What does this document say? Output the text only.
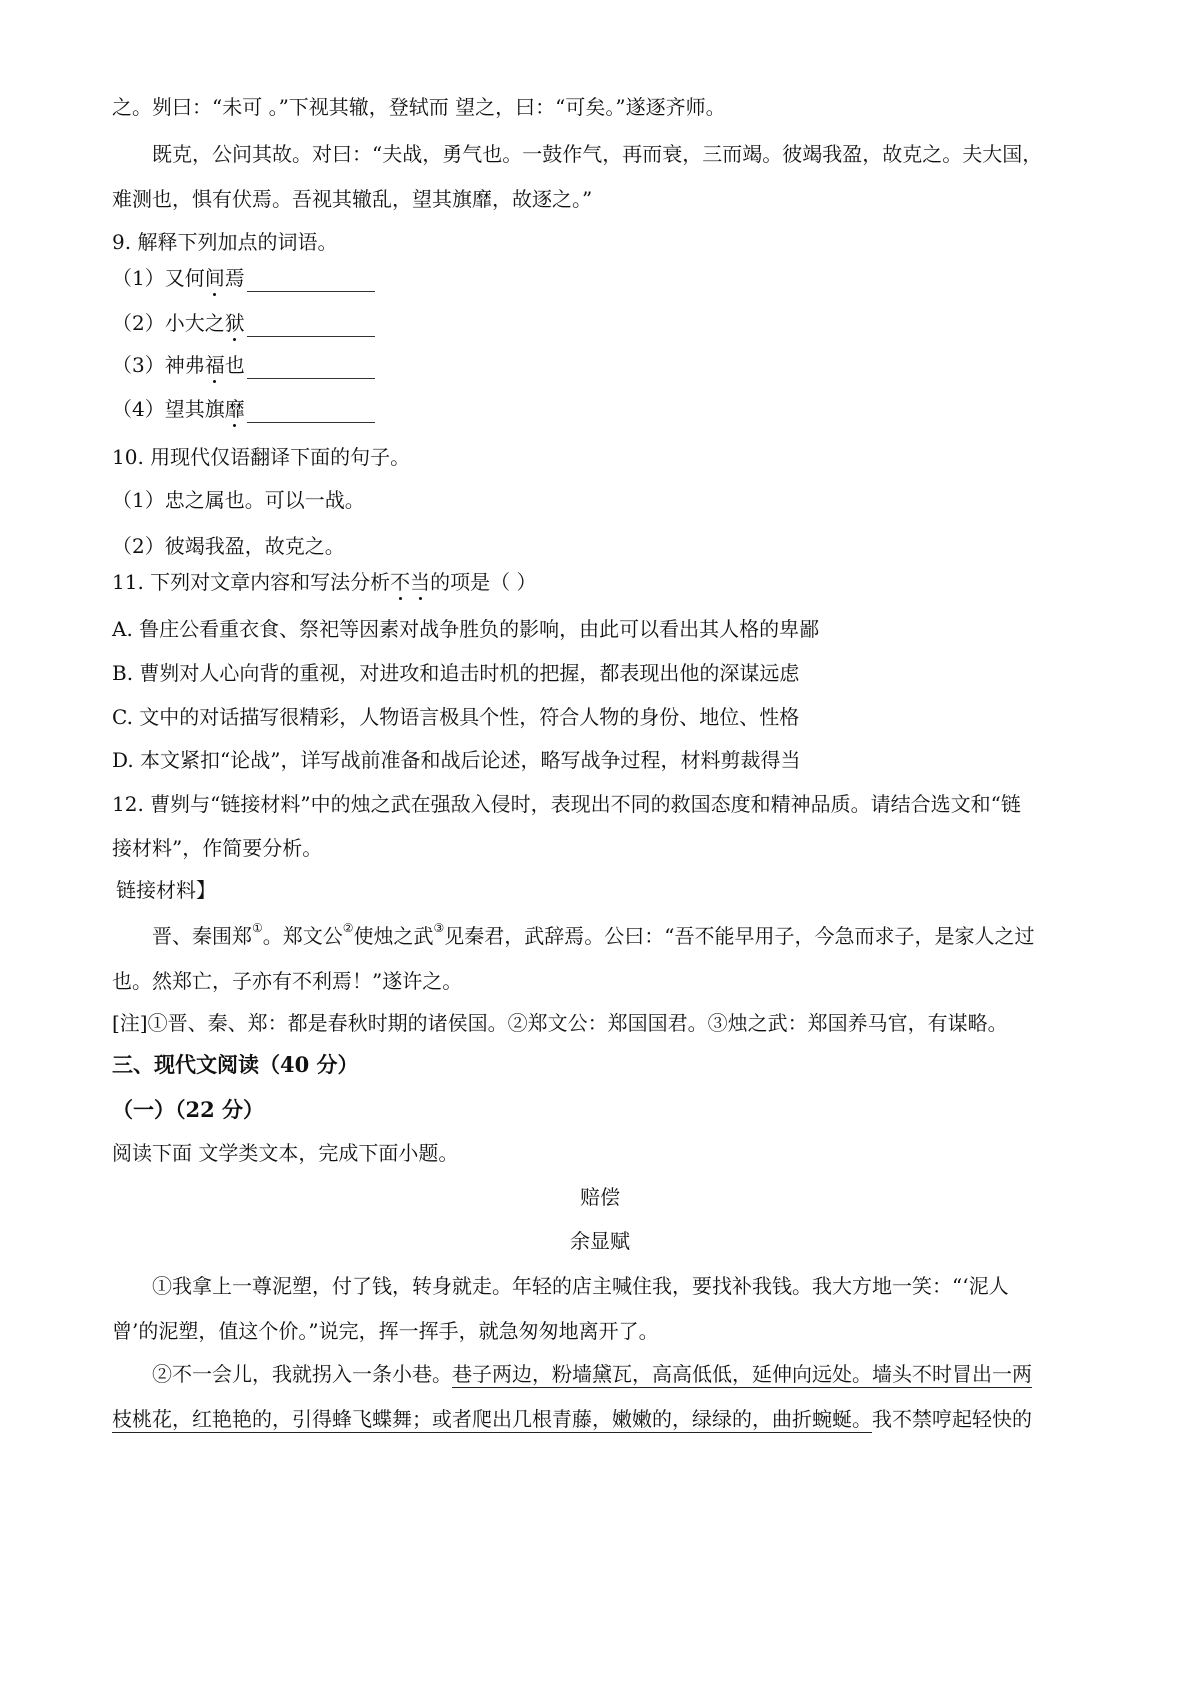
之。刿曰：“未可 。”下视其辙，登轼而 望之，曰：“可矣。”遂逐齐师。
既克，公问其故。对曰：“夫战，勇气也。一鼓作气，再而衰，三而竭。彼竭我盈，故克之。夫大国，
难测也，惧有伏焉。吾视其辙乱，望其旗靡，故逐之。”
9. 解释下列加点的词语。
（1）又何间焉
（2）小大之狱
（3）神弗福也
（4）望其旗靡
10. 用现代仅语翻译下面的句子。
（1）忠之属也。可以一战。
（2）彼竭我盈，故克之。
11. 下列对文章内容和写法分析不当的项是（ ）
A. 鲁庄公看重衣食、祭祀等因素对战争胜负的影响，由此可以看出其人格的卑鄙
B. 曹刿对人心向背的重视，对进攻和追击时机的把握，都表现出他的深谋远虑
C. 文中的对话描写很精彩，人物语言极具个性，符合人物的身份、地位、性格
D. 本文紧扣“论战”，详写战前准备和战后论述，略写战争过程，材料剪裁得当
12. 曹刿与“链接材料”中的烛之武在强敌入侵时，表现出不同的救国态度和精神品质。请结合选文和“链
接材料”，作简要分析。
链接材料】
晋、秦围郑①。郑文公②使烛之武③见秦君，武辞焉。公曰：“吾不能早用子，今急而求子，是家人之过
也。然郑亡，子亦有不利焉！”遂许之。
[注]①晋、秦、郑：都是春秋时期的诸侯国。②郑文公：郑国国君。③烛之武：郑国养马官，有谋略。
三、现代文阅读（40 分）
（一）（22 分）
阅读下面 文学类文本，完成下面小题。
赔偿
余显赋
①我拿上一尊泥塑，付了钱，转身就走。年轻的店主喊住我，要找补我钱。我大方地一笑：“‘泥人
曾’的泥塑，值这个价。”说完，挥一挥手，就急匆匆地离开了。
②不一会儿，我就拐入一条小巷。巷子两边，粉墙黛瓦，高高低低，延伸向远处。墙头不时冒出一两
枝桃花，红艳艳的，引得蜂飞蝶舞；或者爬出几根青藤，嫩嫩的，绿绿的，曲折蜿蜒。我不禁哼起轻快的
